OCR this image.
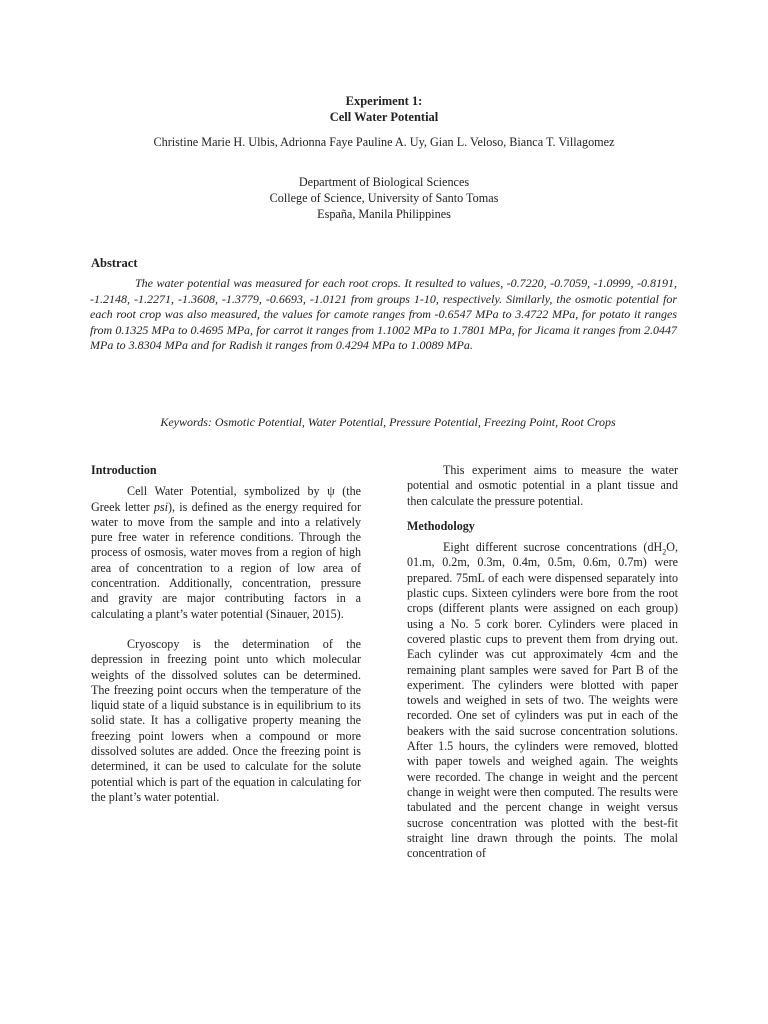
Experiment 1:
Cell Water Potential
Christine Marie H. Ulbis, Adrionna Faye Pauline A. Uy, Gian L. Veloso, Bianca T. Villagomez
Department of Biological Sciences
College of Science, University of Santo Tomas
España, Manila Philippines
Abstract
The water potential was measured for each root crops. It resulted to values, -0.7220, -0.7059, -1.0999, -0.8191, -1.2148, -1.2271, -1.3608, -1.3779, -0.6693, -1.0121 from groups 1-10, respectively. Similarly, the osmotic potential for each root crop was also measured, the values for camote ranges from -0.6547 MPa to 3.4722 MPa, for potato it ranges from 0.1325 MPa to 0.4695 MPa, for carrot it ranges from 1.1002 MPa to 1.7801 MPa, for Jicama it ranges from 2.0447 MPa to 3.8304 MPa and for Radish it ranges from 0.4294 MPa to 1.0089 MPa.
Keywords: Osmotic Potential, Water Potential, Pressure Potential, Freezing Point, Root Crops

Introduction

Cell Water Potential, symbolized by ψ (the Greek letter psi), is defined as the energy required for water to move from the sample and into a relatively pure free water in reference conditions. Through the process of osmosis, water moves from a region of high area of concentration to a region of low area of concentration. Additionally, concentration, pressure and gravity are major contributing factors in a calculating a plant’s water potential (Sinauer, 2015).

Cryoscopy is the determination of the depression in freezing point unto which molecular weights of the dissolved solutes can be determined. The freezing point occurs when the temperature of the liquid state of a liquid substance is in equilibrium to its solid state. It has a colligative property meaning the freezing point lowers when a compound or more dissolved solutes are added. Once the freezing point is determined, it can be used to calculate for the solute potential which is part of the equation in calculating for the plant’s water potential.

This experiment aims to measure the water potential and osmotic potential in a plant tissue and then calculate the pressure potential.

Methodology

Eight different sucrose concentrations ($dH_2O$, 01.m, 0.2m, 0.3m, 0.4m, 0.5m, 0.6m, 0.7m) were prepared. 75mL of each were dispensed separately into plastic cups. Sixteen cylinders were bore from the root crops (different plants were assigned on each group) using a No. 5 cork borer. Cylinders were placed in covered plastic cups to prevent them from drying out. Each cylinder was cut approximately 4cm and the remaining plant samples were saved for Part B of the experiment. The cylinders were blotted with paper towels and weighed in sets of two. The weights were recorded. One set of cylinders was put in each of the beakers with the said sucrose concentration solutions. After 1.5 hours, the cylinders were removed, blotted with paper towels and weighed again. The weights were recorded. The change in weight and the percent change in weight were then computed. The results were tabulated and the percent change in weight versus sucrose concentration was plotted with the best-fit straight line drawn through the points. The molal concentration of
